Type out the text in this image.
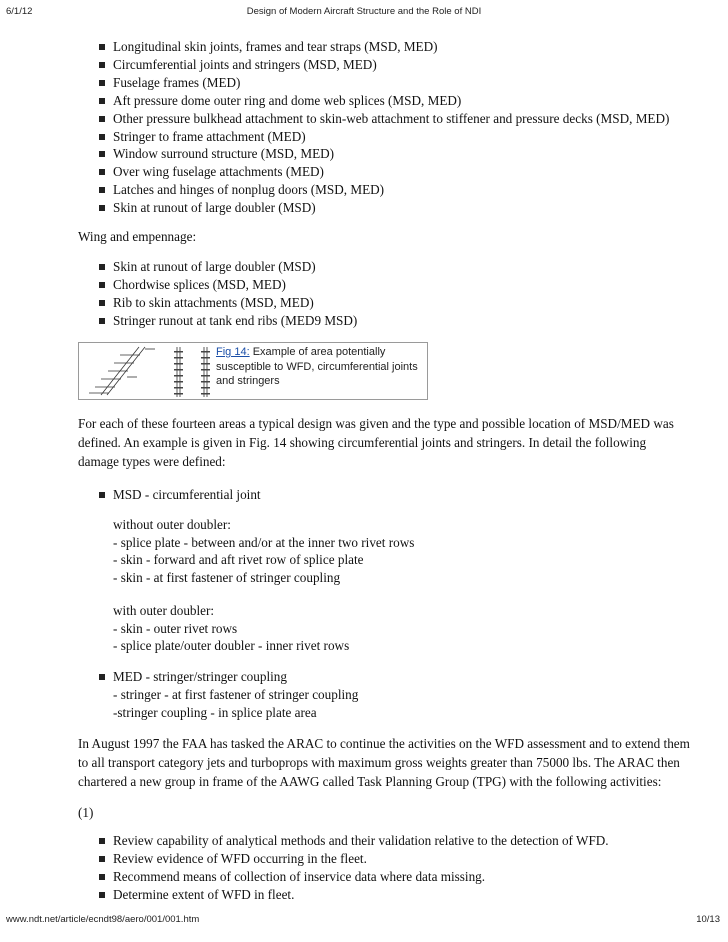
6/1/12	Design of Modern Aircraft Structure and the Role of NDI
Longitudinal skin joints, frames and tear straps (MSD, MED)
Circumferential joints and stringers (MSD, MED)
Fuselage frames (MED)
Aft pressure dome outer ring and dome web splices (MSD, MED)
Other pressure bulkhead attachment to skin-web attachment to stiffener and pressure decks (MSD, MED)
Stringer to frame attachment (MED)
Window surround structure (MSD, MED)
Over wing fuselage attachments (MED)
Latches and hinges of nonplug doors (MSD, MED)
Skin at runout of large doubler (MSD)

Wing and empennage:

Skin at runout of large doubler (MSD)
Chordwise splices (MSD, MED)
Rib to skin attachments (MSD, MED)
Stringer runout at tank end ribs (MED9 MSD)
Fig 14: Example of area potentially susceptible to WFD, circumferential joints and stringers

For each of these fourteen areas a typical design was given and the type and possible location of MSD/MED was defined. An example is given in Fig. 14 showing circumferential joints and stringers. In detail the following damage types were defined:

MSD - circumferential joint
without outer doubler:
- splice plate - between and/or at the inner two rivet rows
- skin - forward and aft rivet row of splice plate
- skin - at first fastener of stringer coupling
with outer doubler:
- skin - outer rivet rows
- splice plate/outer doubler - inner rivet rows
MED - stringer/stringer coupling
- stringer - at first fastener of stringer coupling
-stringer coupling - in splice plate area

In August 1997 the FAA has tasked the ARAC to continue the activities on the WFD assessment and to extend them to all transport category jets and turboprops with maximum gross weights greater than 75000 lbs. The ARAC then chartered a new group in frame of the AAWG called Task Planning Group (TPG) with the following activities:

(1)

Review capability of analytical methods and their validation relative to the detection of WFD.
Review evidence of WFD occurring in the fleet.
Recommend means of collection of inservice data where data missing.
Determine extent of WFD in fleet.
www.ndt.net/article/ecndt98/aero/001/001.htm	10/13
